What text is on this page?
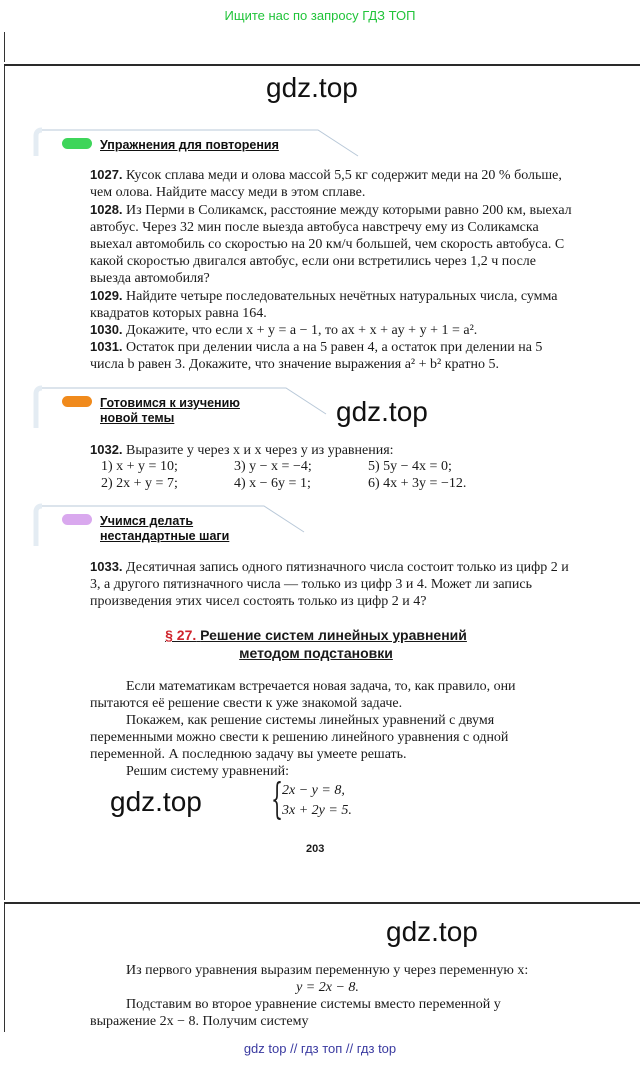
Ищите нас по запросу ГДЗ ТОП
gdz top // гдз топ // гдз top
gdz.top
gdz.top
gdz.top
gdz.top
Упражнения для повторения

1027. Кусок сплава меди и олова массой 5,5 кг содержит меди на 20 % больше, чем олова. Найдите массу меди в этом сплаве.

1028. Из Перми в Соликамск, расстояние между которыми равно 200 км, выехал автобус. Через 32 мин после выезда автобуса навстречу ему из Соликамска выехал автомобиль со скоростью на 20 км/ч большей, чем скорость автобуса. С какой скоростью двигался автобус, если они встретились через 1,2 ч после выезда автомобиля?

1029. Найдите четыре последовательных нечётных натуральных числа, сумма квадратов которых равна 164.

1030. Докажите, что если x + y = a − 1, то ax + x + ay + y + 1 = a².

1031. Остаток при делении числа a на 5 равен 4, а остаток при делении на 5 числа b равен 3. Докажите, что значение выражения a² + b² кратно 5.

Готовимся к изучению
новой темы

1032. Выразите y через x и x через y из уравнения:

1) x + y = 10;	3) y − x = −4;	5) 5y − 4x = 0;
2) 2x + y = 7;	4) x − 6y = 1;	6) 4x + 3y = −12.
Учимся делать
нестандартные шаги

1033. Десятичная запись одного пятизначного числа состоит только из цифр 2 и 3, а другого пятизначного числа — только из цифр 3 и 4. Может ли запись произведения этих чисел состоять только из цифр 2 и 4?

§ 27. Решение систем линейных уравнений
методом подстановки

Если математикам встречается новая задача, то, как правило, они пытаются её решение свести к уже знакомой задаче.

Покажем, как решение системы линейных уравнений с двумя переменными можно свести к решению линейного уравнения с одной переменной. А последнюю задачу вы умеете решать.

Решим систему уравнений:

{
2x − y = 8,
3x + 2y = 5.
203

Из первого уравнения выразим переменную y через переменную x:

y = 2x − 8.

Подставим во второе уравнение системы вместо переменной y выражение 2x − 8. Получим систему
